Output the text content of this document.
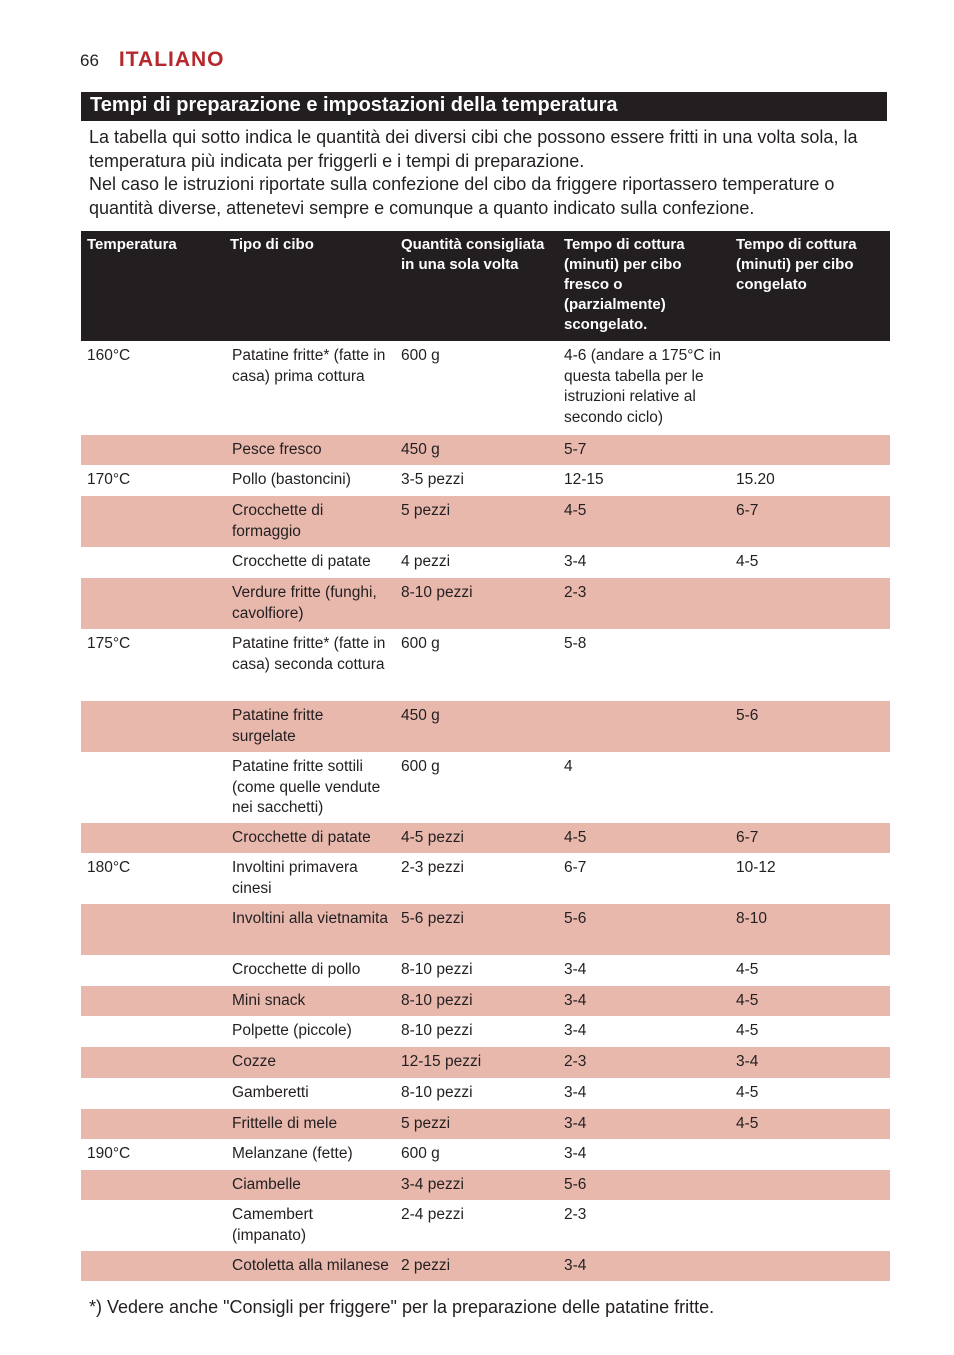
66 ITALIANO
Tempi di preparazione e impostazioni della temperatura

La tabella qui sotto indica le quantità dei diversi cibi che possono essere fritti in una volta sola, la temperatura più indicata per friggerli e i tempi di preparazione.

Nel caso le istruzioni riportate sulla confezione del cibo da friggere riportassero temperature o quantità diverse, attenetevi sempre e comunque a quanto indicato sulla confezione.

Temperatura	Tipo di cibo	Quantità consigliata in una sola volta	Tempo di cottura (minuti) per cibo fresco o (parzialmente) scongelato.	Tempo di cottura (minuti) per cibo congelato
160°C	Patatine fritte* (fatte in casa) prima cottura	600 g	4-6 (andare a 175°C in questa tabella per le istruzioni relative al secondo ciclo)	
	Pesce fresco	450 g	5-7	
170°C	Pollo (bastoncini)	3-5 pezzi	12-15	15.20
	Crocchette di formaggio	5 pezzi	4-5	6-7
	Crocchette di patate	4 pezzi	3-4	4-5
	Verdure fritte (funghi, cavolfiore)	8-10 pezzi	2-3	
175°C	Patatine fritte* (fatte in casa) seconda cottura	600 g	5-8	
	Patatine fritte surgelate	450 g		5-6
	Patatine fritte sottili (come quelle vendute nei sacchetti)	600 g	4	
	Crocchette di patate	4-5 pezzi	4-5	6-7
180°C	Involtini primavera cinesi	2-3 pezzi	6-7	10-12
	Involtini alla vietnamita	5-6 pezzi	5-6	8-10
	Crocchette di pollo	8-10 pezzi	3-4	4-5
	Mini snack	8-10 pezzi	3-4	4-5
	Polpette (piccole)	8-10 pezzi	3-4	4-5
	Cozze	12-15 pezzi	2-3	3-4
	Gamberetti	8-10 pezzi	3-4	4-5
	Frittelle di mele	5 pezzi	3-4	4-5
190°C	Melanzane (fette)	600 g	3-4	
	Ciambelle	3-4 pezzi	5-6	
	Camembert (impanato)	2-4 pezzi	2-3	
	Cotoletta alla milanese	2 pezzi	3-4	
*) Vedere anche "Consigli per friggere" per la preparazione delle patatine fritte.
